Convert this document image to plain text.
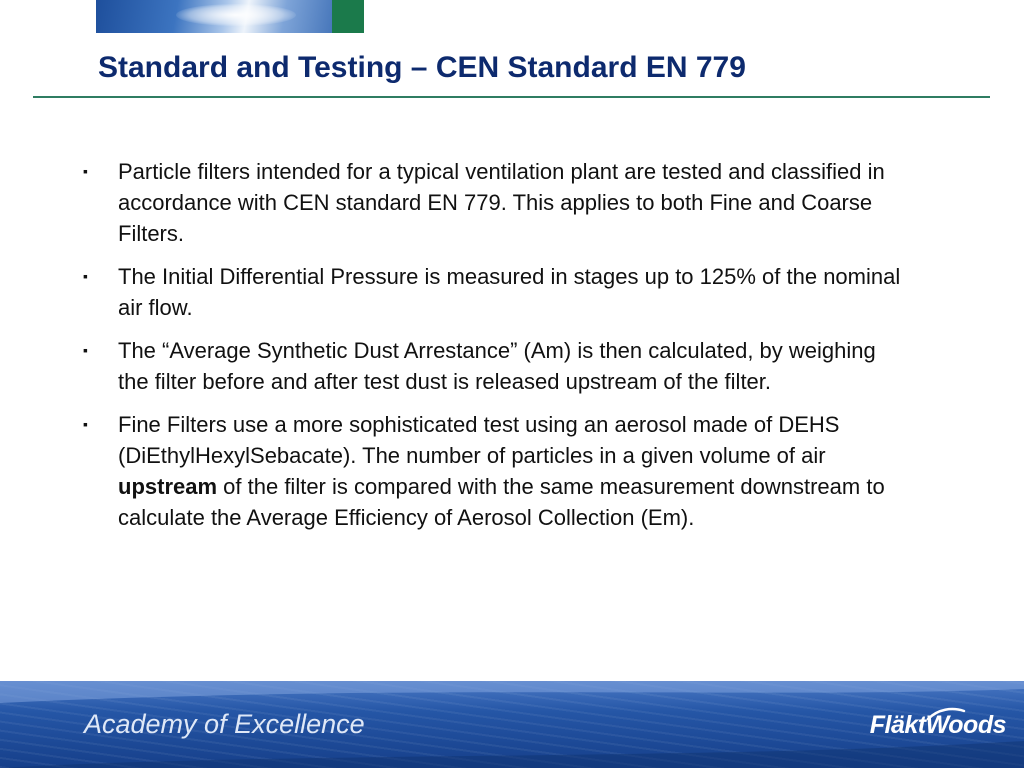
Standard and Testing – CEN Standard EN 779
▪ Particle filters intended for a typical ventilation plant are tested and classified in accordance with CEN standard EN 779. This applies to both Fine and Coarse Filters.
▪ The Initial Differential Pressure is measured in stages up to 125% of the nominal air flow.
▪ The “Average Synthetic Dust Arrestance” (Am) is then calculated, by weighing the filter before and after test dust is released upstream of the filter.
▪ Fine Filters use a more sophisticated test using an aerosol made of DEHS (DiEthylHexylSebacate). The number of particles in a given volume of air upstream of the filter is compared with the same measurement downstream to calculate the Average Efficiency of Aerosol Collection (Em).
Academy of Excellence	FläktWoods
